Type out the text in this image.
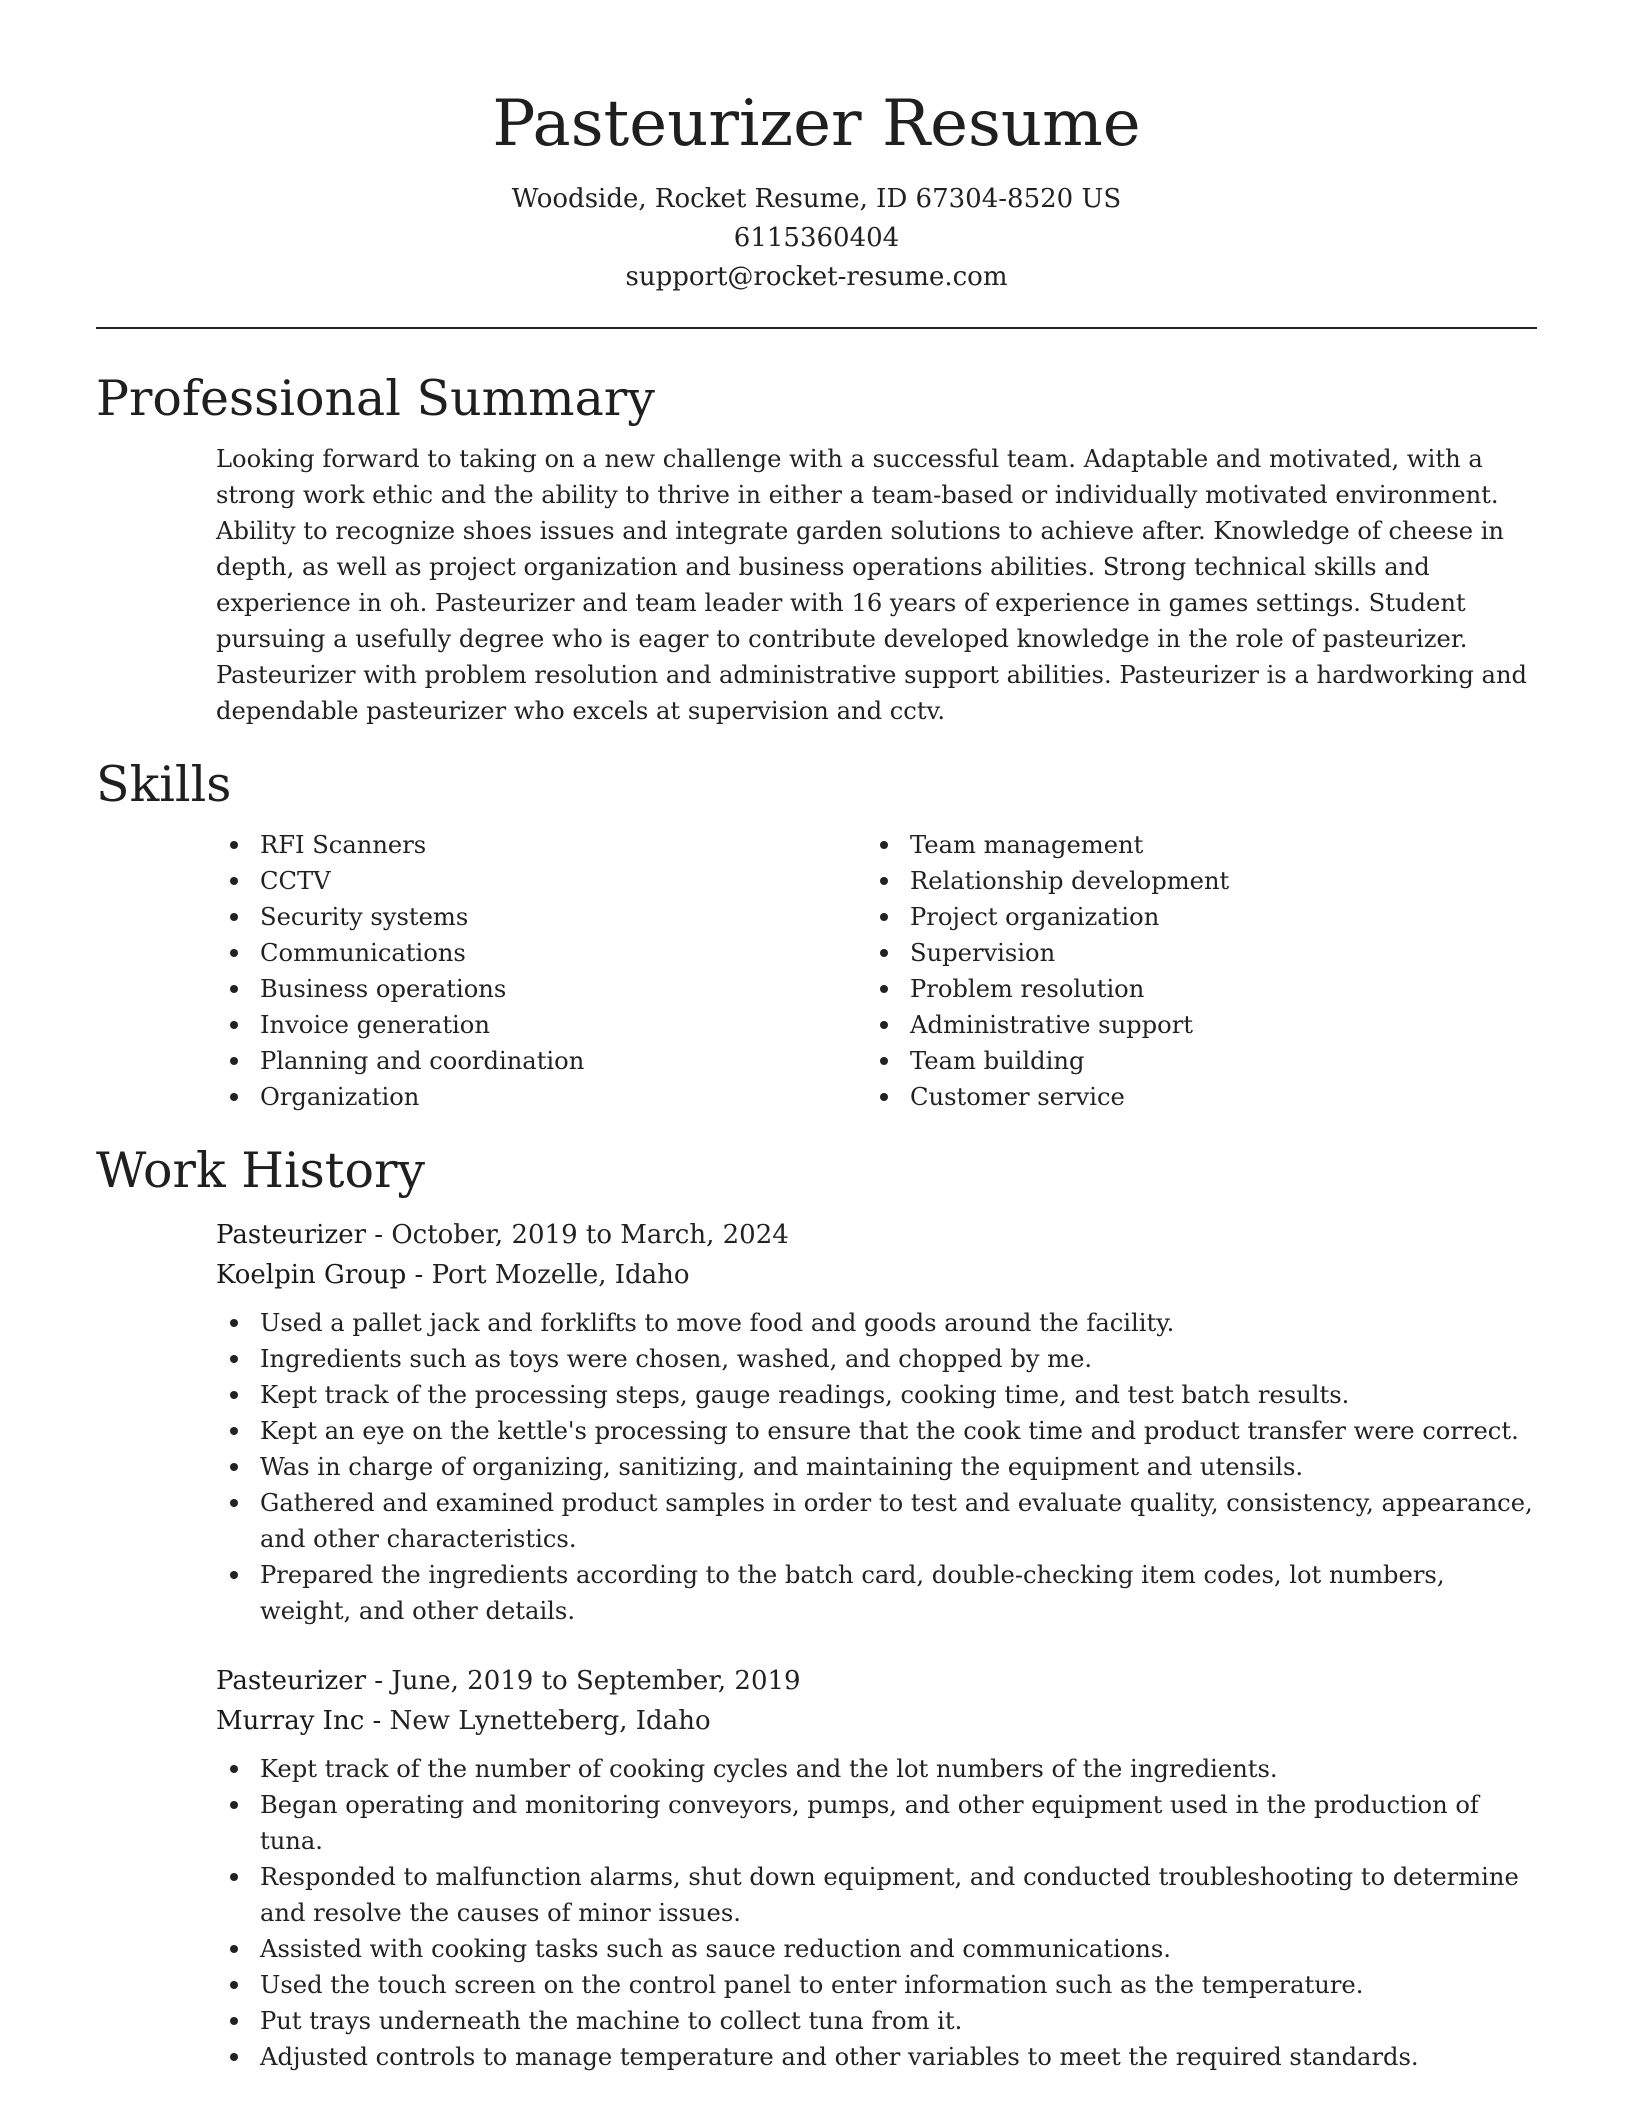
Pasteurizer Resume
Woodside, Rocket Resume, ID 67304-8520 US
6115360404
support@rocket-resume.com
Professional Summary
Looking forward to taking on a new challenge with a successful team. Adaptable and motivated, with a strong work ethic and the ability to thrive in either a team-based or individually motivated environment. Ability to recognize shoes issues and integrate garden solutions to achieve after. Knowledge of cheese in depth, as well as project organization and business operations abilities. Strong technical skills and experience in oh. Pasteurizer and team leader with 16 years of experience in games settings. Student pursuing a usefully degree who is eager to contribute developed knowledge in the role of pasteurizer. Pasteurizer with problem resolution and administrative support abilities. Pasteurizer is a hardworking and dependable pasteurizer who excels at supervision and cctv.
Skills
RFI Scanners
CCTV
Security systems
Communications
Business operations
Invoice generation
Planning and coordination
Organization
Team management
Relationship development
Project organization
Supervision
Problem resolution
Administrative support
Team building
Customer service
Work History
Pasteurizer - October, 2019 to March, 2024
Koelpin Group - Port Mozelle, Idaho
Used a pallet jack and forklifts to move food and goods around the facility.
Ingredients such as toys were chosen, washed, and chopped by me.
Kept track of the processing steps, gauge readings, cooking time, and test batch results.
Kept an eye on the kettle's processing to ensure that the cook time and product transfer were correct.
Was in charge of organizing, sanitizing, and maintaining the equipment and utensils.
Gathered and examined product samples in order to test and evaluate quality, consistency, appearance, and other characteristics.
Prepared the ingredients according to the batch card, double-checking item codes, lot numbers, weight, and other details.
Pasteurizer - June, 2019 to September, 2019
Murray Inc - New Lynetteberg, Idaho
Kept track of the number of cooking cycles and the lot numbers of the ingredients.
Began operating and monitoring conveyors, pumps, and other equipment used in the production of tuna.
Responded to malfunction alarms, shut down equipment, and conducted troubleshooting to determine and resolve the causes of minor issues.
Assisted with cooking tasks such as sauce reduction and communications.
Used the touch screen on the control panel to enter information such as the temperature.
Put trays underneath the machine to collect tuna from it.
Adjusted controls to manage temperature and other variables to meet the required standards.
